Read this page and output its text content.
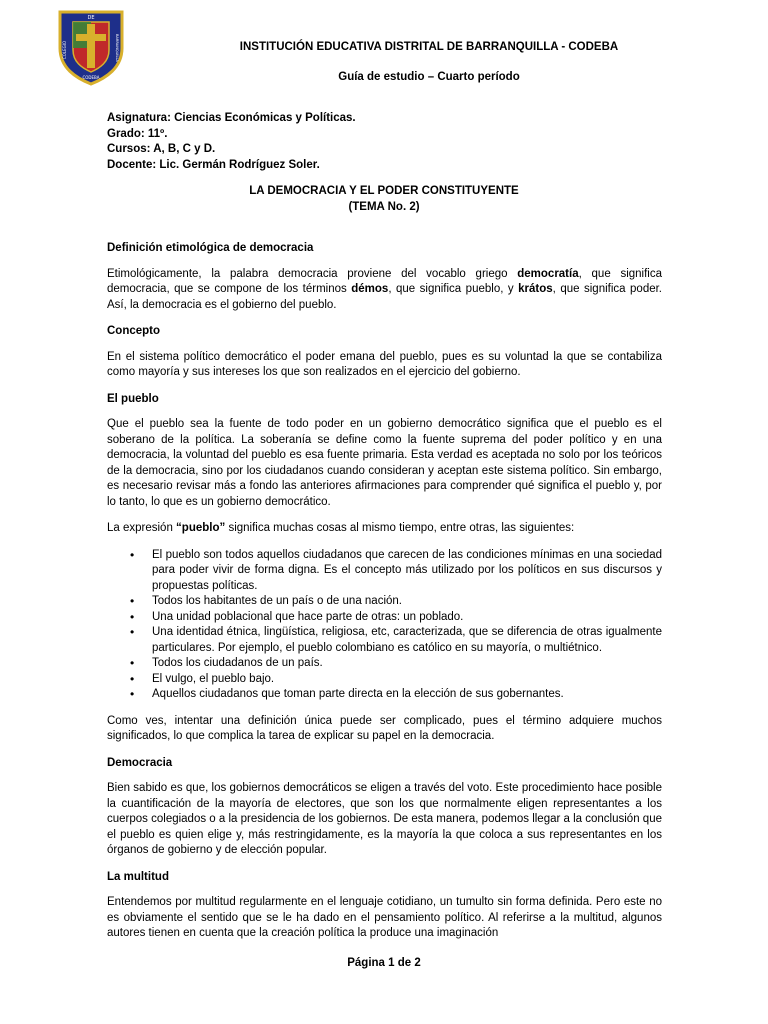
DE
COLEGIO	BARRANQUILLA
CODEBA
INSTITUCIÓN EDUCATIVA DISTRITAL DE BARRANQUILLA - CODEBA
Guía de estudio – Cuarto período
Asignatura: Ciencias Económicas y Políticas.
Grado: 11º.
Cursos: A, B, C y D.
Docente: Lic. Germán Rodríguez Soler.
LA DEMOCRACIA Y EL PODER CONSTITUYENTE
(TEMA No. 2)
Definición etimológica de democracia

Etimológicamente, la palabra democracia proviene del vocablo griego democratía, que significa democracia, que se compone de los términos démos, que significa pueblo, y krátos, que significa poder. Así, la democracia es el gobierno del pueblo.

Concepto

En el sistema político democrático el poder emana del pueblo, pues es su voluntad la que se contabiliza como mayoría y sus intereses los que son realizados en el ejercicio del gobierno.

El pueblo

Que el pueblo sea la fuente de todo poder en un gobierno democrático significa que el pueblo es el soberano de la política. La soberanía se define como la fuente suprema del poder político y en una democracia, la voluntad del pueblo es esa fuente primaria. Esta verdad es aceptada no solo por los teóricos de la democracia, sino por los ciudadanos cuando consideran y aceptan este sistema político. Sin embargo, es necesario revisar más a fondo las anteriores afirmaciones para comprender qué significa el pueblo y, por lo tanto, lo que es un gobierno democrático.

La expresión “pueblo” significa muchas cosas al mismo tiempo, entre otras, las siguientes:

• El pueblo son todos aquellos ciudadanos que carecen de las condiciones mínimas en una sociedad para poder vivir de forma digna. Es el concepto más utilizado por los políticos en sus discursos y propuestas políticas.
• Todos los habitantes de un país o de una nación.
• Una unidad poblacional que hace parte de otras: un poblado.
• Una identidad étnica, lingüística, religiosa, etc, caracterizada, que se diferencia de otras igualmente particulares. Por ejemplo, el pueblo colombiano es católico en su mayoría, o multiétnico.
• Todos los ciudadanos de un país.
• El vulgo, el pueblo bajo.
• Aquellos ciudadanos que toman parte directa en la elección de sus gobernantes.

Como ves, intentar una definición única puede ser complicado, pues el término adquiere muchos significados, lo que complica la tarea de explicar su papel en la democracia.

Democracia

Bien sabido es que, los gobiernos democráticos se eligen a través del voto. Este procedimiento hace posible la cuantificación de la mayoría de electores, que son los que normalmente eligen representantes a los cuerpos colegiados o a la presidencia de los gobiernos. De esta manera, podemos llegar a la conclusión que el pueblo es quien elige y, más restringidamente, es la mayoría la que coloca a sus representantes en los órganos de gobierno y de elección popular.

La multitud

Entendemos por multitud regularmente en el lenguaje cotidiano, un tumulto sin forma definida. Pero este no es obviamente el sentido que se le ha dado en el pensamiento político. Al referirse a la multitud, algunos autores tienen en cuenta que la creación política la produce una imaginación

Página 1 de 2
